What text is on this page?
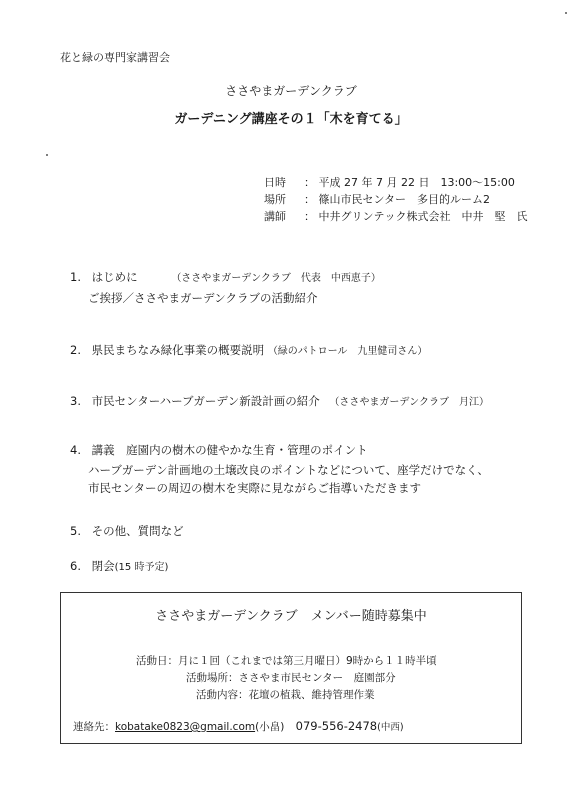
花と緑の専門家講習会
ささやまガーデンクラブ
ガーデニング講座その１「木を育てる」
日時 ： 平成 27 年 7 月 22 日　13:00～15:00
場所 ： 篠山市民センター　多目的ルーム2
講師 ： 中井グリンテック株式会社　中井　堅　氏
1. はじめに	（ささやまガーデンクラブ　代表　中西恵子）
ご挨拶／ささやまガーデンクラブの活動紹介
2. 県民まちなみ緑化事業の概要説明 （緑のパトロール　九里健司さん）
3. 市民センターハーブガーデン新設計画の紹介 （ささやまガーデンクラブ　月江）
4. 講義　庭園内の樹木の健やかな生育・管理のポイント
ハーブガーデン計画地の土壌改良のポイントなどについて、座学だけでなく、
市民センターの周辺の樹木を実際に見ながらご指導いただきます
5. その他、質問など
6. 閉会(15 時予定)
ささやまガーデンクラブ　メンバー随時募集中
活動日：月に１回（これまでは第三月曜日）9時から１１時半頃
活動場所：ささやま市民センター　庭園部分
活動内容：花壇の植栽、維持管理作業
連絡先：kobatake0823@gmail.com(小畠) 079-556-2478(中西)
